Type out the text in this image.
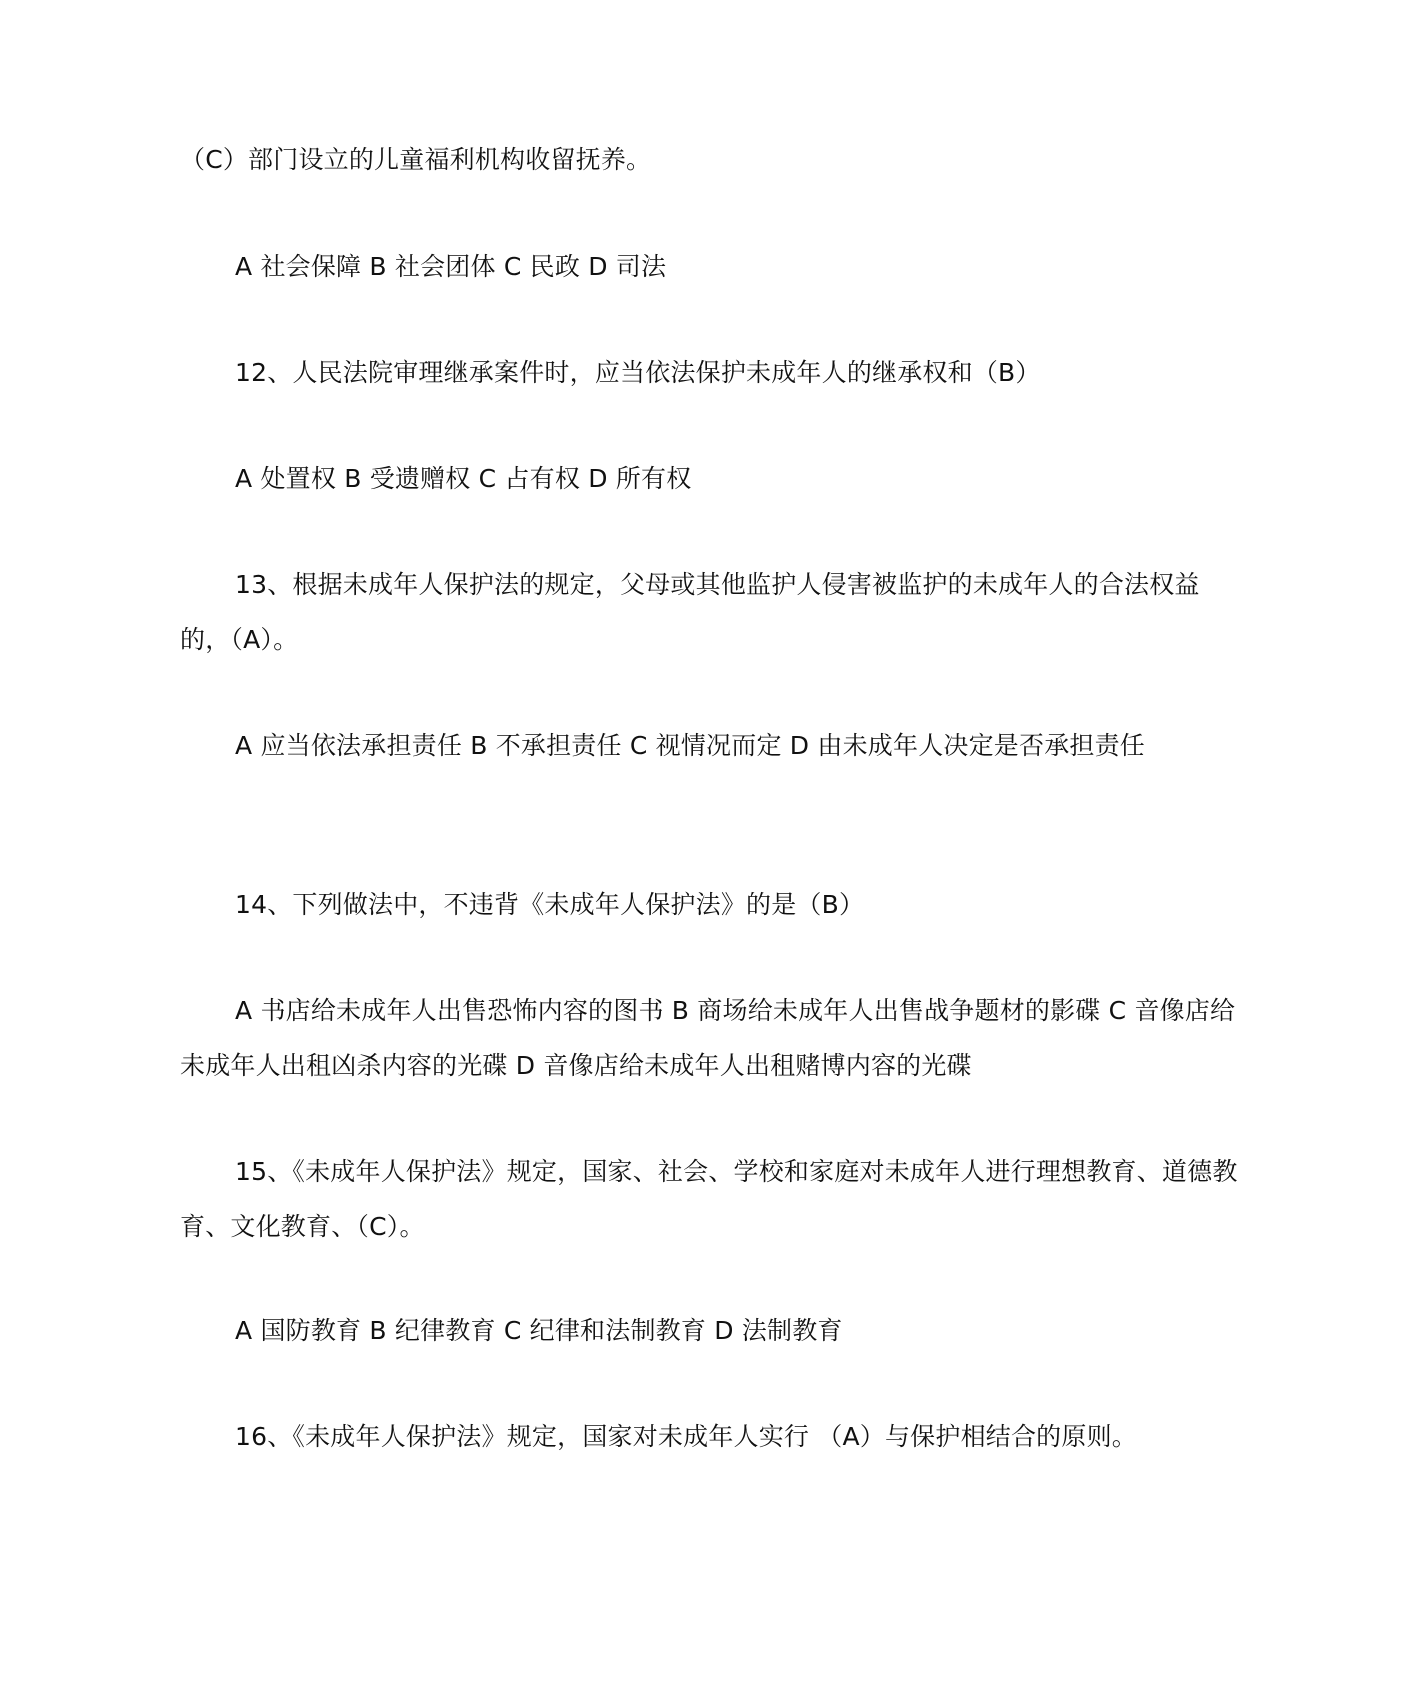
（C）部门设立的儿童福利机构收留抚养。

A 社会保障 B 社会团体 C 民政 D 司法

12、人民法院审理继承案件时，应当依法保护未成年人的继承权和（B）

A 处置权 B 受遗赠权 C 占有权 D 所有权

13、根据未成年人保护法的规定，父母或其他监护人侵害被监护的未成年人的合法权益的，（A）。

A 应当依法承担责任 B 不承担责任 C 视情况而定 D 由未成年人决定是否承担责任

14、下列做法中，不违背《未成年人保护法》的是（B）

A 书店给未成年人出售恐怖内容的图书 B 商场给未成年人出售战争题材的影碟 C 音像店给未成年人出租凶杀内容的光碟 D 音像店给未成年人出租赌博内容的光碟

15、《未成年人保护法》规定，国家、社会、学校和家庭对未成年人进行理想教育、道德教育、文化教育、（C）。

A 国防教育 B 纪律教育 C 纪律和法制教育 D 法制教育

16、《未成年人保护法》规定，国家对未成年人实行 （A）与保护相结合的原则。
